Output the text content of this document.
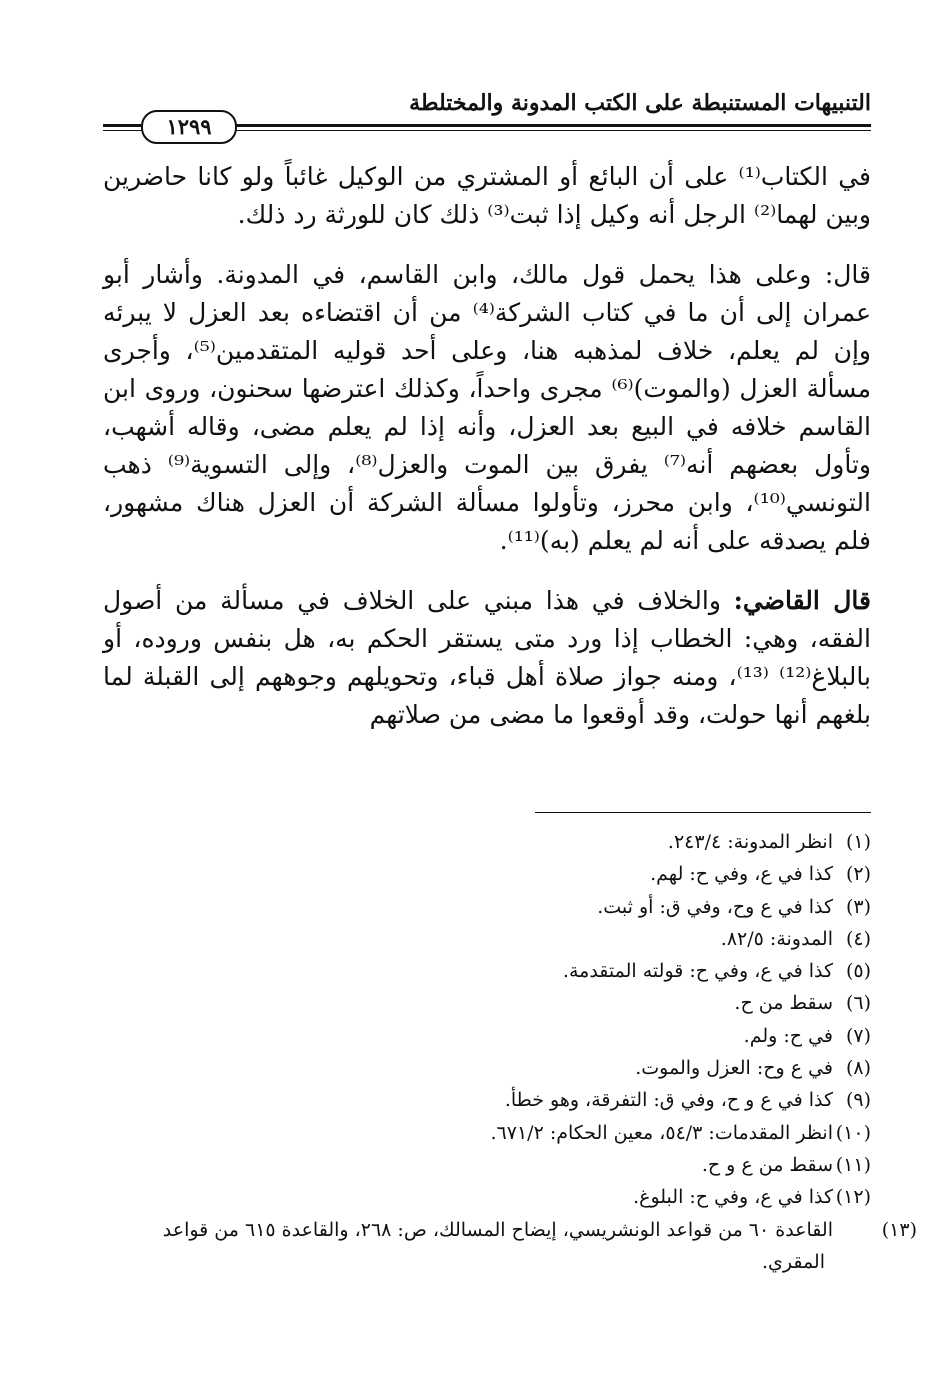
التنبيهات المستنبطة على الكتب المدونة والمختلطة
١٢٩٩

في الكتاب⁽¹⁾ على أن البائع أو المشتري من الوكيل غائباً ولو كانا حاضرين وبين لهما⁽²⁾ الرجل أنه وكيل إذا ثبت⁽³⁾ ذلك كان للورثة رد ذلك.

قال: وعلى هذا يحمل قول مالك، وابن القاسم، في المدونة. وأشار أبو عمران إلى أن ما في كتاب الشركة⁽⁴⁾ من أن اقتضاءه بعد العزل لا يبرئه وإن لم يعلم، خلاف لمذهبه هنا، وعلى أحد قوليه المتقدمين⁽⁵⁾، وأجرى مسألة العزل (والموت)⁽⁶⁾ مجرى واحداً، وكذلك اعترضها سحنون، وروى ابن القاسم خلافه في البيع بعد العزل، وأنه إذا لم يعلم مضى، وقاله أشهب، وتأول بعضهم أنه⁽⁷⁾ يفرق بين الموت والعزل⁽⁸⁾، وإلى التسوية⁽⁹⁾ ذهب التونسي⁽¹⁰⁾، وابن محرز، وتأولوا مسألة الشركة أن العزل هناك مشهور، فلم يصدقه على أنه لم يعلم (به)⁽¹¹⁾.

قال القاضي: والخلاف في هذا مبني على الخلاف في مسألة من أصول الفقه، وهي: الخطاب إذا ورد متى يستقر الحكم به، هل بنفس وروده، أو بالبلاغ⁽¹²⁾ ⁽¹³⁾، ومنه جواز صلاة أهل قباء، وتحويلهم وجوههم إلى القبلة لما بلغهم أنها حولت، وقد أوقعوا ما مضى من صلاتهم

(١)انظر المدونة: ٢٤٣/٤.
(٢)كذا في ع، وفي ح: لهم.
(٣)كذا في ع وح، وفي ق: أو ثبت.
(٤)المدونة: ٨٢/٥.
(٥)كذا في ع، وفي ح: قولته المتقدمة.
(٦)سقط من ح.
(٧)في ح: ولم.
(٨)في ع وح: العزل والموت.
(٩)كذا في ع و ح، وفي ق: التفرقة، وهو خطأ.
(١٠)انظر المقدمات: ٥٤/٣، معين الحكام: ٦٧١/٢.
(١١)سقط من ع و ح.
(١٢)كذا في ع، وفي ح: البلوغ.
(١٣)القاعدة ٦٠ من قواعد الونشريسي، إيضاح المسالك، ص: ٢٦٨، والقاعدة ٦١٥ من قواعد المقري.
